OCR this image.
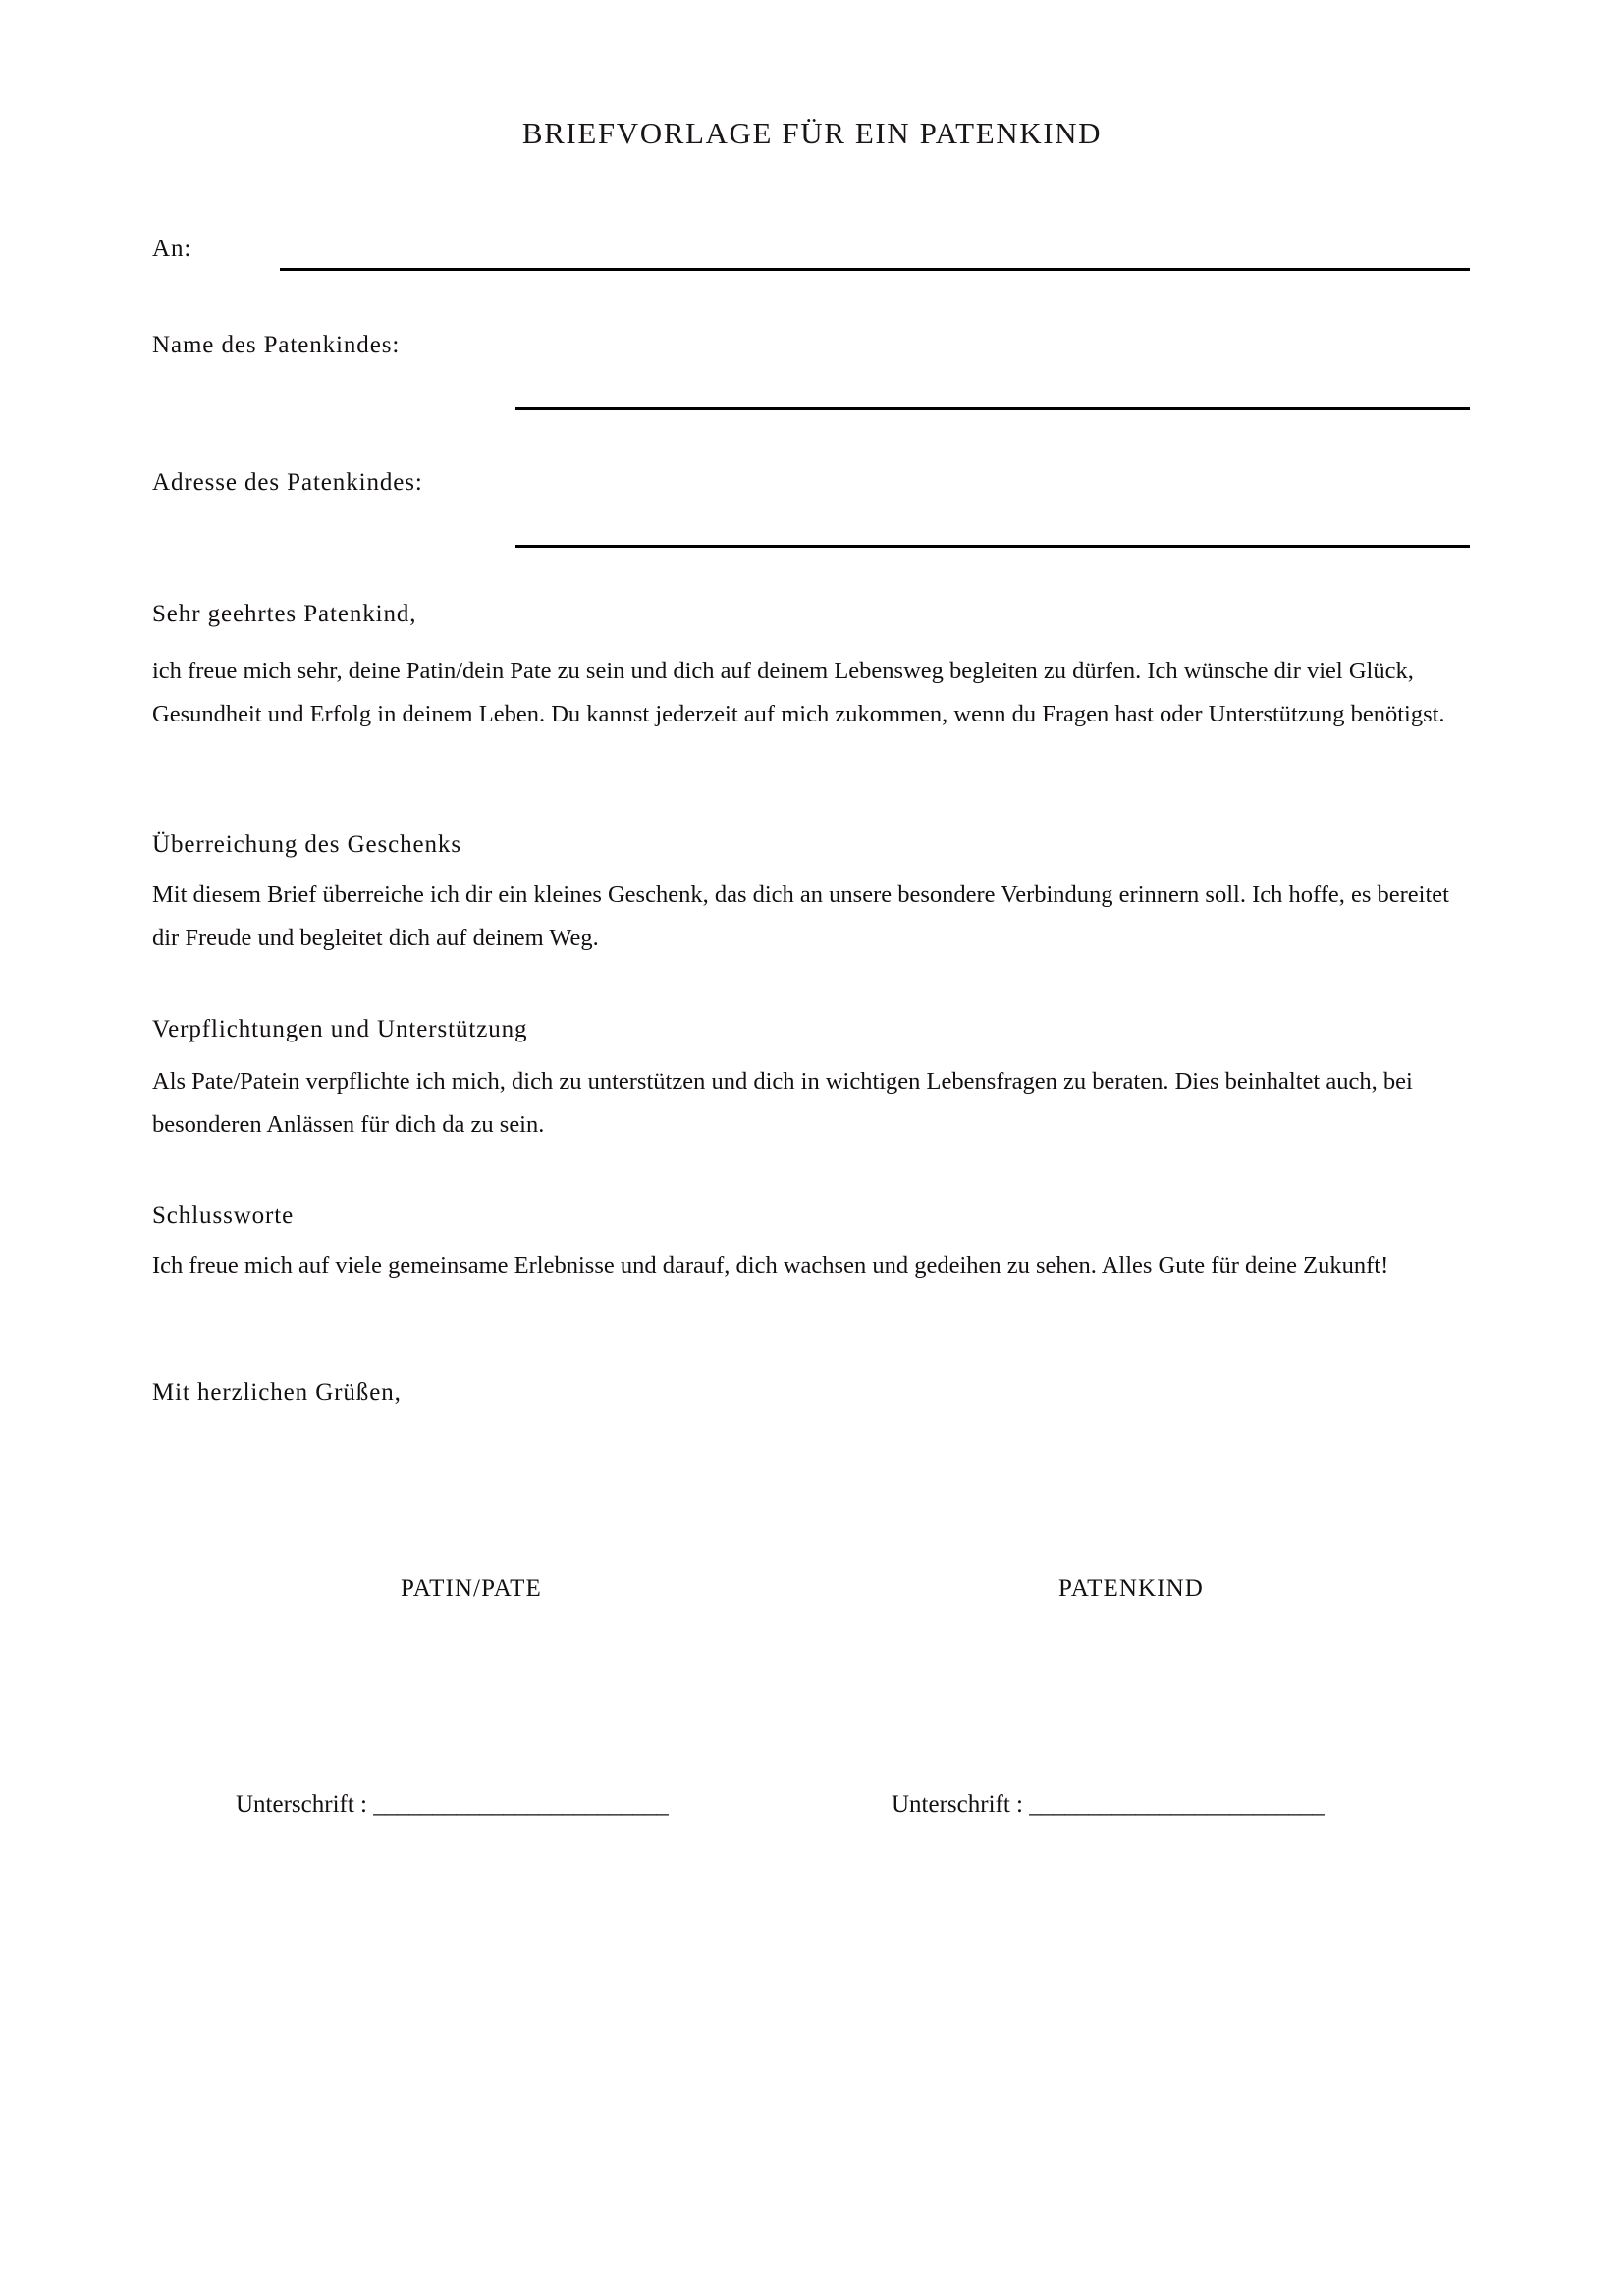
BRIEFVORLAGE FÜR EIN PATENKIND
An:
Name des Patenkindes:
Adresse des Patenkindes:
Sehr geehrtes Patenkind,
ich freue mich sehr, deine Patin/dein Pate zu sein und dich auf deinem Lebensweg begleiten zu dürfen. Ich wünsche dir viel Glück, Gesundheit und Erfolg in deinem Leben. Du kannst jederzeit auf mich zukommen, wenn du Fragen hast oder Unterstützung benötigst.
Überreichung des Geschenks
Mit diesem Brief überreiche ich dir ein kleines Geschenk, das dich an unsere besondere Verbindung erinnern soll. Ich hoffe, es bereitet dir Freude und begleitet dich auf deinem Weg.
Verpflichtungen und Unterstützung
Als Pate/Patein verpflichte ich mich, dich zu unterstützen und dich in wichtigen Lebensfragen zu beraten. Dies beinhaltet auch, bei besonderen Anlässen für dich da zu sein.
Schlussworte
Ich freue mich auf viele gemeinsame Erlebnisse und darauf, dich wachsen und gedeihen zu sehen. Alles Gute für deine Zukunft!
Mit herzlichen Grüßen,
PATIN/PATE	PATENKIND
Unterschrift : _________________________	Unterschrift : _________________________
